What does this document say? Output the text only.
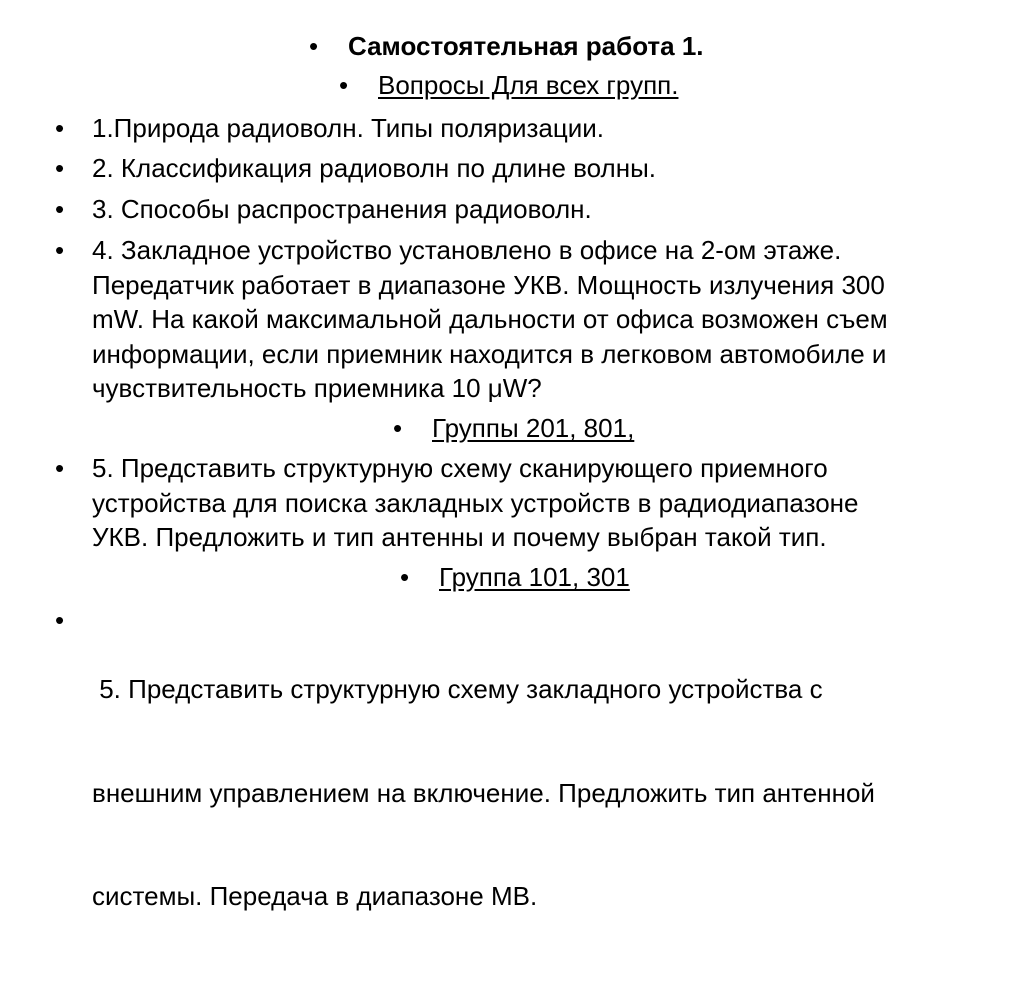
• Самостоятельная работа 1.
• Вопросы Для всех групп.
• 1.Природа радиоволн. Типы поляризации.
• 2. Классификация радиоволн по длине волны.
• 3. Способы распространения радиоволн.
• 4. Закладное устройство установлено в офисе на 2-ом этаже.
Передатчик работает в диапазоне УКВ. Мощность излучения 300
mW. На какой максимальной дальности от офиса возможен съем
информации, если приемник находится в легковом автомобиле и
чувствительность приемника 10 μW?
• Группы 201, 801,
• 5. Представить структурную схему сканирующего приемного
устройства для поиска закладных устройств в радиодиапазоне
УКВ. Предложить и тип антенны и почему выбран такой тип.
• Группа 101, 301
•

5. Представить структурную схему закладного устройства с

внешним управлением на включение. Предложить тип антенной

системы. Передача в диапазоне МВ.
